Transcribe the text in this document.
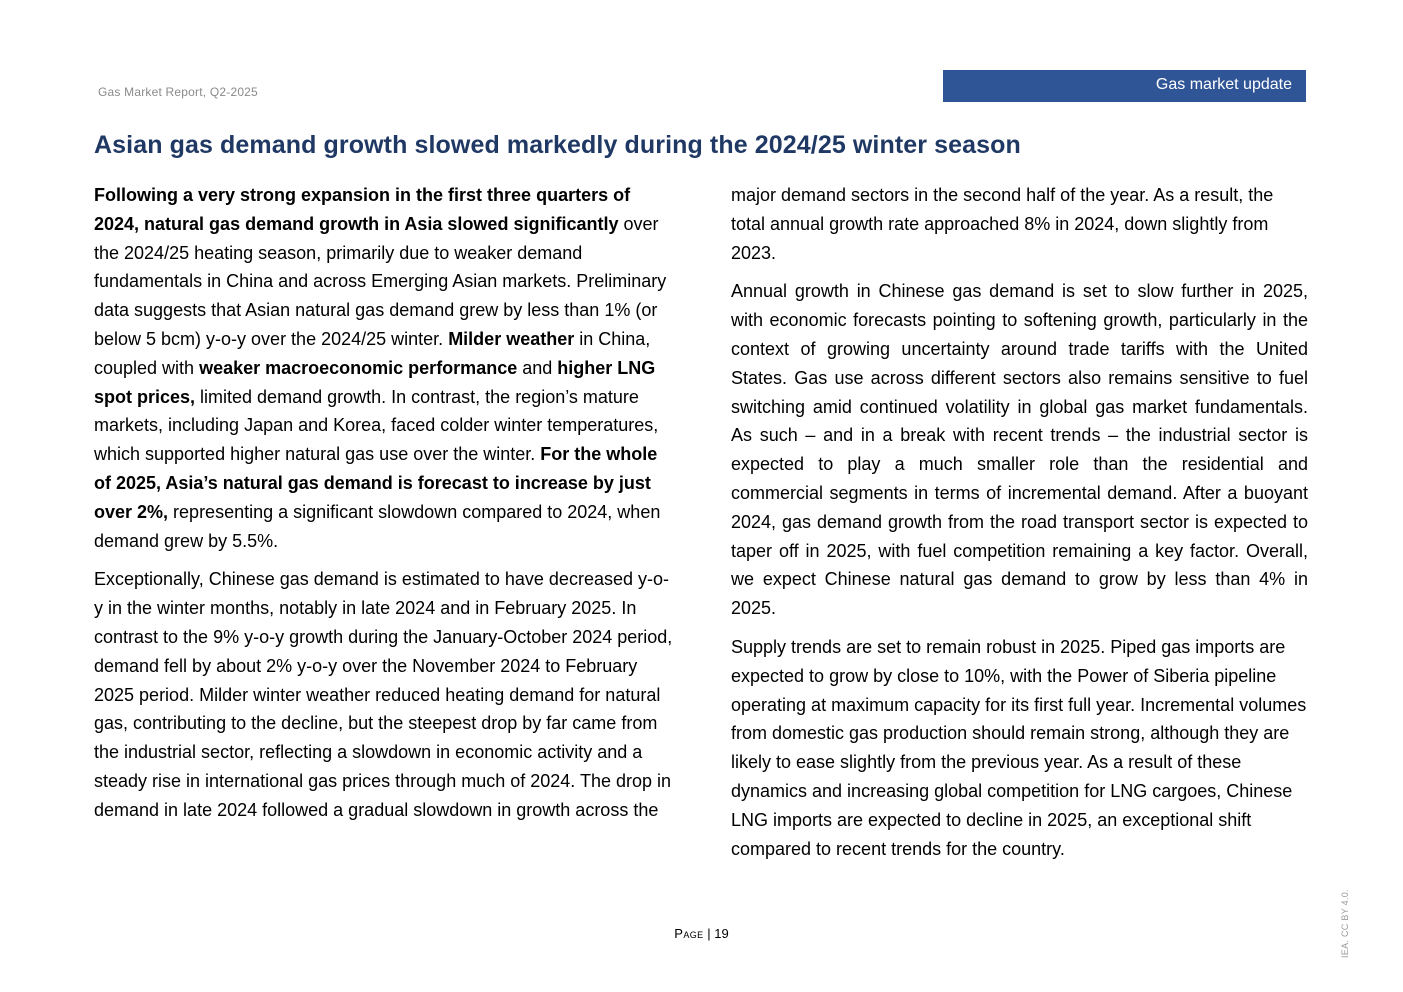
Gas Market Report, Q2-2025	Gas market update
Asian gas demand growth slowed markedly during the 2024/25 winter season

Following a very strong expansion in the first three quarters of 2024, natural gas demand growth in Asia slowed significantly over the 2024/25 heating season, primarily due to weaker demand fundamentals in China and across Emerging Asian markets. Preliminary data suggests that Asian natural gas demand grew by less than 1% (or below 5 bcm) y-o-y over the 2024/25 winter. Milder weather in China, coupled with weaker macroeconomic performance and higher LNG spot prices, limited demand growth. In contrast, the region’s mature markets, including Japan and Korea, faced colder winter temperatures, which supported higher natural gas use over the winter. For the whole of 2025, Asia’s natural gas demand is forecast to increase by just over 2%, representing a significant slowdown compared to 2024, when demand grew by 5.5%.

Exceptionally, Chinese gas demand is estimated to have decreased y-o-y in the winter months, notably in late 2024 and in February 2025. In contrast to the 9% y-o-y growth during the January-October 2024 period, demand fell by about 2% y-o-y over the November 2024 to February 2025 period. Milder winter weather reduced heating demand for natural gas, contributing to the decline, but the steepest drop by far came from the industrial sector, reflecting a slowdown in economic activity and a steady rise in international gas prices through much of 2024. The drop in demand in late 2024 followed a gradual slowdown in growth across the

major demand sectors in the second half of the year. As a result, the total annual growth rate approached 8% in 2024, down slightly from 2023.

Annual growth in Chinese gas demand is set to slow further in 2025, with economic forecasts pointing to softening growth, particularly in the context of growing uncertainty around trade tariffs with the United States. Gas use across different sectors also remains sensitive to fuel switching amid continued volatility in global gas market fundamentals. As such – and in a break with recent trends – the industrial sector is expected to play a much smaller role than the residential and commercial segments in terms of incremental demand. After a buoyant 2024, gas demand growth from the road transport sector is expected to taper off in 2025, with fuel competition remaining a key factor. Overall, we expect Chinese natural gas demand to grow by less than 4% in 2025.

Supply trends are set to remain robust in 2025. Piped gas imports are expected to grow by close to 10%, with the Power of Siberia pipeline operating at maximum capacity for its first full year. Incremental volumes from domestic gas production should remain strong, although they are likely to ease slightly from the previous year. As a result of these dynamics and increasing global competition for LNG cargoes, Chinese LNG imports are expected to decline in 2025, an exceptional shift compared to recent trends for the country.

Page | 19	IEA. CC BY 4.0.
